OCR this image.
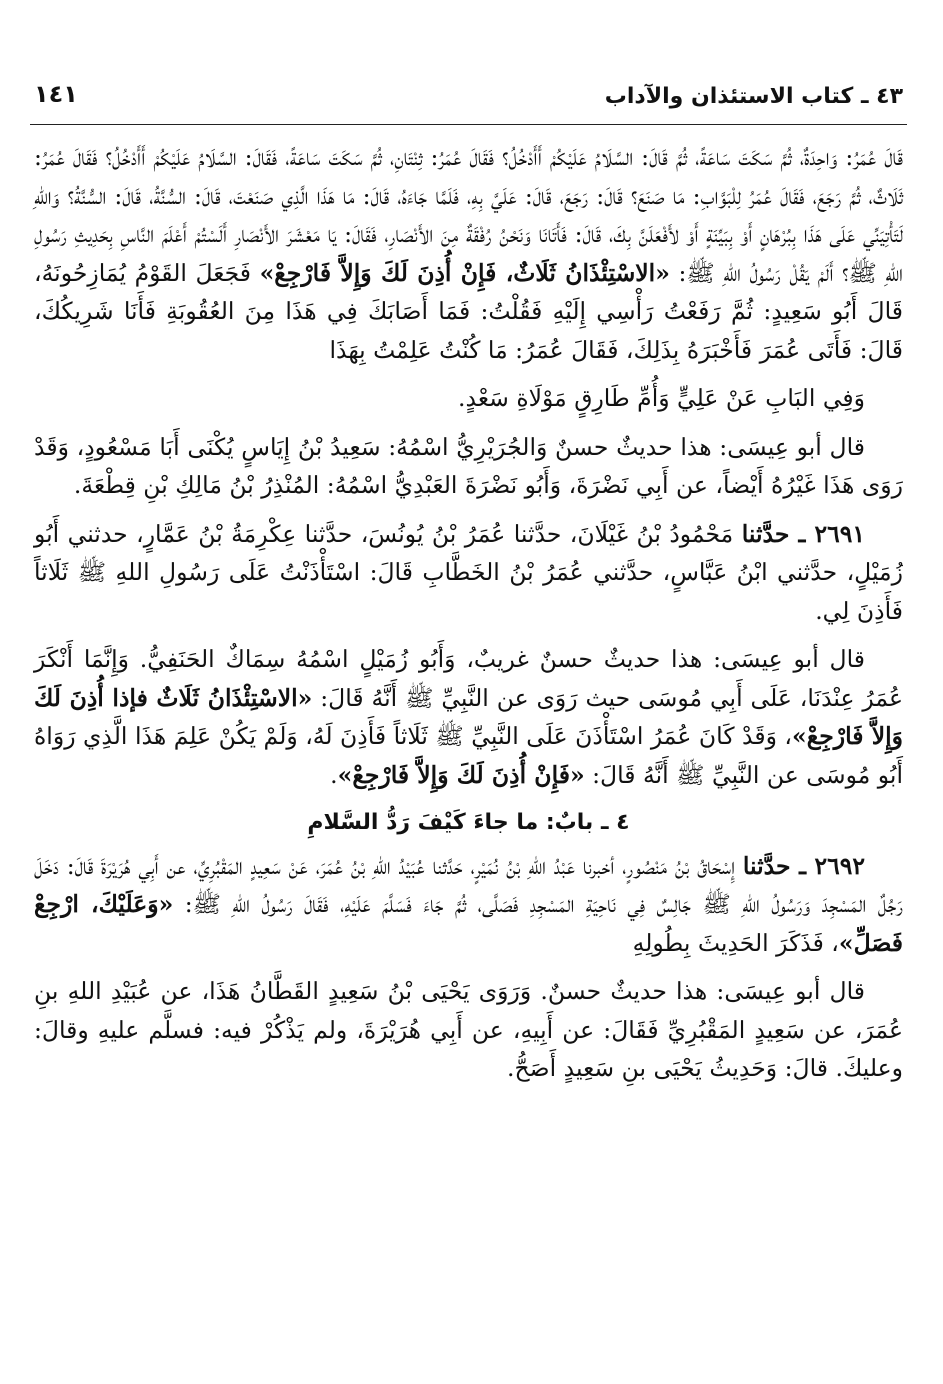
٤٣ ـ كتاب الاستئذان والآداب
١٤١

قَالَ عُمَرُ: وَاحِدَةٌ، ثُمَّ سَكَتَ سَاعَةً، ثُمَّ قَالَ: السَّلَامُ عَلَيْكُمْ أَأَدْخُلُ؟ فَقَالَ عُمَرُ: ثِنْتَانِ، ثُمَّ سَكَتَ سَاعَةً، فَقَالَ: السَّلَامُ عَلَيْكُمْ أَأَدْخُلُ؟ فَقَالَ عُمَرُ: ثَلَاثٌ، ثُمَّ رَجَعَ، فَقَالَ عُمَرُ لِلْبَوَّابِ: مَا صَنَعَ؟ قَالَ: رَجَعَ، قَالَ: عَلَيَّ بِهِ، فَلَمَّا جَاءَهُ، قَالَ: مَا هَذَا الَّذِي صَنَعْتَ، قَالَ: السُّنَّةُ، قَالَ: السُّنَّةُ؟ وَاللهِ لَتَأْتِيَنِّي عَلَى هَذَا بِبُرْهَانٍ أَوْ بِبَيِّنَةٍ أَوْ لأَفْعَلَنَّ بِكَ، قَالَ: فَأَتَانَا وَنَحْنُ رُفْقَةٌ مِنَ الأَنْصَارِ، فَقَالَ: يَا مَعْشَرَ الأَنْصَارِ أَلَسْتُمْ أَعْلَمَ النَّاسِ بِحَدِيثِ رَسُولِ اللهِ ﷺ؟ أَلَمْ يَقُلْ رَسُولُ اللهِ ﷺ: «الاسْتِئْذَانُ ثَلَاثٌ، فَإِنْ أُذِنَ لَكَ وَإِلاَّ فَارْجِعْ» فَجَعَلَ القَوْمُ يُمَازِحُونَهُ، قَالَ أَبُو سَعِيدٍ: ثُمَّ رَفَعْتُ رَأْسِي إِلَيْهِ فَقُلْتُ: فَمَا أَصَابَكَ فِي هَذَا مِنَ العُقُوبَةِ فَأَنَا شَرِيكُكَ، قَالَ: فَأَتَى عُمَرَ فَأَخْبَرَهُ بِذَلِكَ، فَقَالَ عُمَرُ: مَا كُنْتُ عَلِمْتُ بِهَذَا

وَفِي البَابِ عَنْ عَلِيٍّ وَأُمِّ طَارِقٍ مَوْلَاةِ سَعْدٍ.

قال أبو عِيسَى: هذا حديثٌ حسنٌ وَالجُرَيْرِيُّ اسْمُهُ: سَعِيدُ بْنُ إِيَاسٍ يُكْنَى أَبَا مَسْعُودٍ، وَقَدْ رَوَى هَذَا غَيْرُهُ أَيْضاً، عن أَبِي نَضْرَةَ، وَأَبُو نَضْرَةَ العَبْدِيُّ اسْمُهُ: المُنْذِرُ بْنُ مَالِكِ بْنِ قِطْعَةَ.

٢٦٩١ ـ حدَّثنا مَحْمُودُ بْنُ غَيْلَانَ، حدَّثنا عُمَرُ بْنُ يُونُسَ، حدَّثنا عِكْرِمَةُ بْنُ عَمَّارٍ، حدثني أَبُو زُمَيْلٍ، حدَّثني ابْنُ عَبَّاسٍ، حدَّثني عُمَرُ بْنُ الخَطَّابِ قَالَ: اسْتَأْذَنْتُ عَلَى رَسُولِ اللهِ ﷺ ثَلَاثاً فَأَذِنَ لِي.

قال أبو عِيسَى: هذا حديثٌ حسنٌ غريبٌ، وَأَبُو زُمَيْلٍ اسْمُهُ سِمَاكٌ الحَنَفِيُّ. وَإِنَّمَا أَنْكَرَ عُمَرُ عِنْدَنَا، عَلَى أَبِي مُوسَى حيث رَوَى عن النَّبِيِّ ﷺ أَنَّهُ قَالَ: «الاسْتِئْذَانُ ثَلَاثٌ فإذا أُذِنَ لَكَ وَإِلاَّ فَارْجِعْ»، وَقَدْ كَانَ عُمَرُ اسْتَأْذَنَ عَلَى النَّبِيِّ ﷺ ثَلَاثاً فَأَذِنَ لَهُ، وَلَمْ يَكُنْ عَلِمَ هَذَا الَّذِي رَوَاهُ أَبُو مُوسَى عن النَّبِيِّ ﷺ أَنَّهُ قَالَ: «فَإِنْ أُذِنَ لَكَ وَإِلاَّ فَارْجِعْ».

٤ ـ بابٌ: ما جاءَ كَيْفَ رَدُّ السَّلامِ

٢٦٩٢ ـ حدَّثنا إِسْحَاقُ بْنُ مَنْصُورٍ، أخبرنا عَبْدُ اللهِ بْنُ نُمَيْرٍ، حَدَّثنا عُبَيْدُ اللهِ بْنُ عُمَرَ، عَنْ سَعِيدٍ المَقْبُرِيِّ، عن أَبِي هُرَيْرَةَ قَالَ: دَخَلَ رَجُلٌ المَسْجِدَ وَرَسُولُ اللهِ ﷺ جَالِسٌ فِي نَاحِيَةِ المَسْجِدِ فَصَلَّى، ثُمَّ جَاءَ فَسَلَّمَ عَلَيْهِ، فَقَالَ رَسُولُ اللهِ ﷺ: «وَعَلَيْكَ، ارْجِعْ فَصَلِّ»، فَذَكَرَ الحَدِيثَ بِطُولِهِ

قال أبو عِيسَى: هذا حديثٌ حسنٌ. وَرَوَى يَحْيَى بْنُ سَعِيدٍ القَطَّانُ هَذَا، عن عُبَيْدِ اللهِ بنِ عُمَرَ، عن سَعِيدٍ المَقْبُرِيِّ فَقَالَ: عن أَبِيهِ، عن أَبِي هُرَيْرَةَ، ولم يَذْكُرْ فيه: فسلَّم عليهِ وقالَ: وعليكَ. قالَ: وَحَدِيثُ يَحْيَى بنِ سَعِيدٍ أَصَحُّ.
